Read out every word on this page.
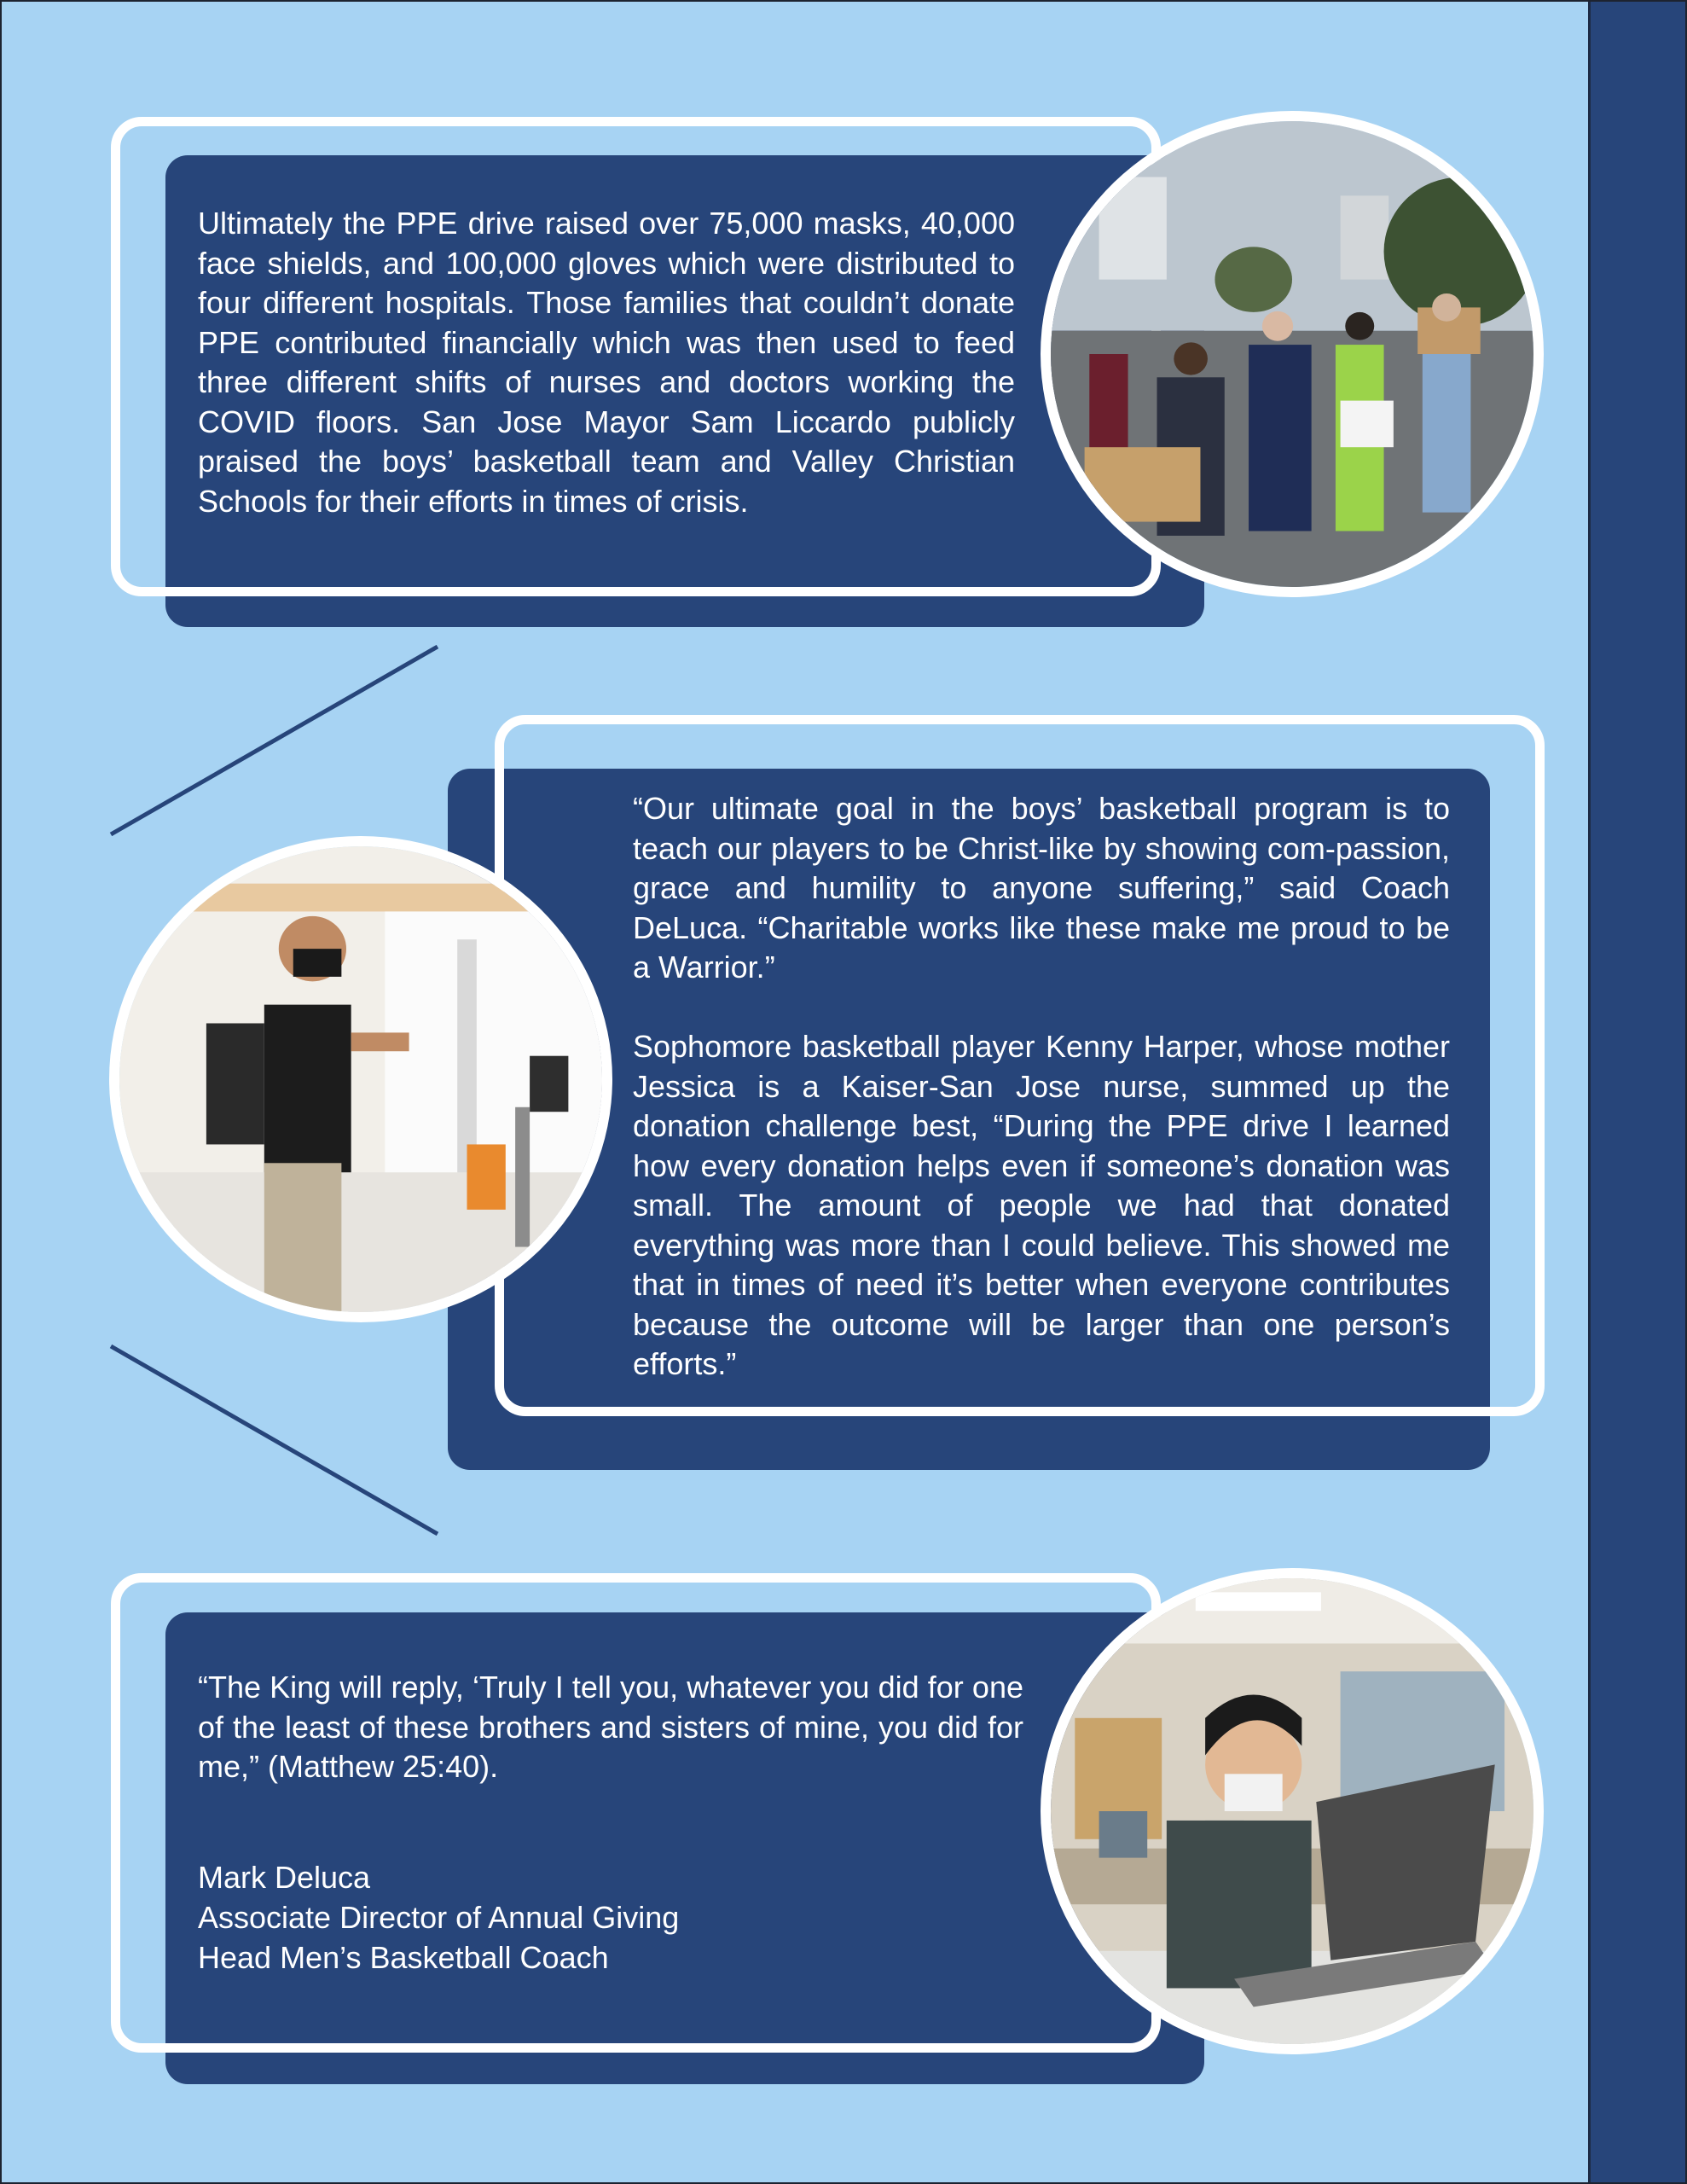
Ultimately the PPE drive raised over 75,000 masks, 40,000 face shields, and 100,000 gloves which were distributed to four different hospitals. Those families that couldn’t donate PPE contributed financially which was then used to feed three different shifts of nurses and doctors working the COVID floors. San Jose Mayor Sam Liccardo publicly praised the boys’ basketball team and Valley Christian Schools for their efforts in times of crisis.
“Our ultimate goal in the boys’ basketball program is to teach our players to be Christ-like by showing com-passion, grace and humility to anyone suffering,” said Coach DeLuca. “Charitable works like these make me proud to be a Warrior.”
Sophomore basketball player Kenny Harper, whose mother Jessica is a Kaiser-San Jose nurse, summed up the donation challenge best, “During the PPE drive I learned how every donation helps even if someone’s donation was small. The amount of people we had that donated everything was more than I could believe. This showed me that in times of need it’s better when everyone contributes because the outcome will be larger than one person’s efforts.”
“The King will reply, ‘Truly I tell you, whatever you did for one of the least of these brothers and sisters of mine, you did for me,” (Matthew 25:40).
Mark Deluca
Associate Director of Annual Giving
Head Men’s Basketball Coach
